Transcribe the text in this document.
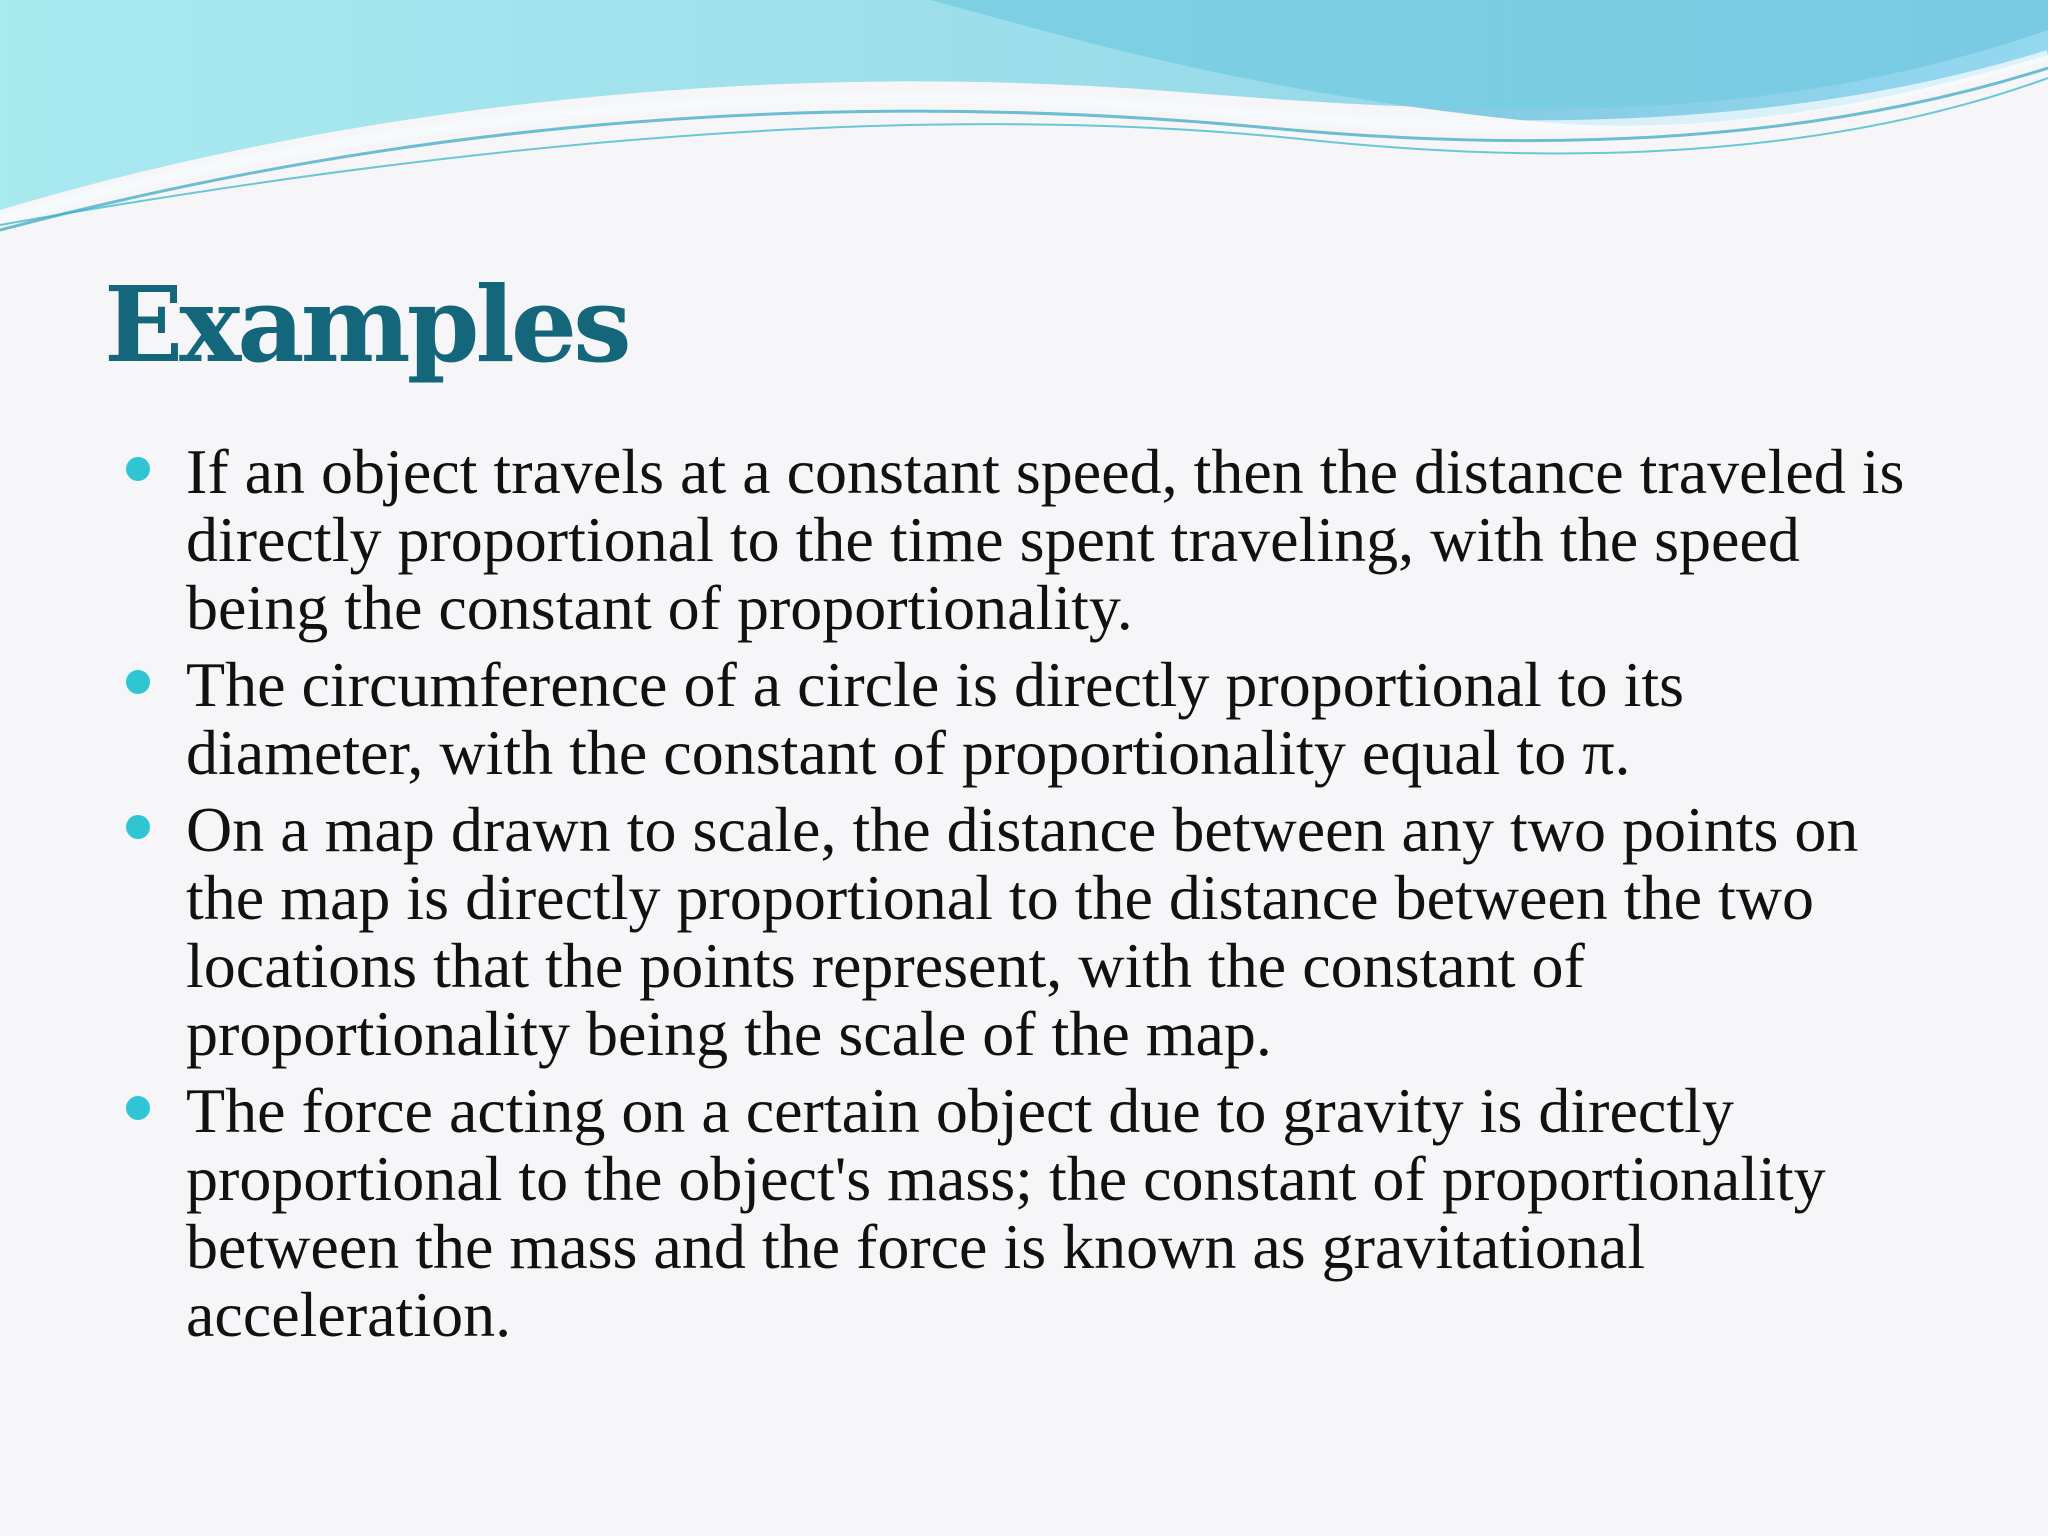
Examples
If an object travels at a constant speed, then the distance traveled is directly proportional to the time spent traveling, with the speed being the constant of proportionality.
The circumference of a circle is directly proportional to its diameter, with the constant of proportionality equal to π.
On a map drawn to scale, the distance between any two points on the map is directly proportional to the distance between the two locations that the points represent, with the constant of proportionality being the scale of the map.
The force acting on a certain object due to gravity is directly proportional to the object's mass; the constant of proportionality between the mass and the force is known as gravitational acceleration.
